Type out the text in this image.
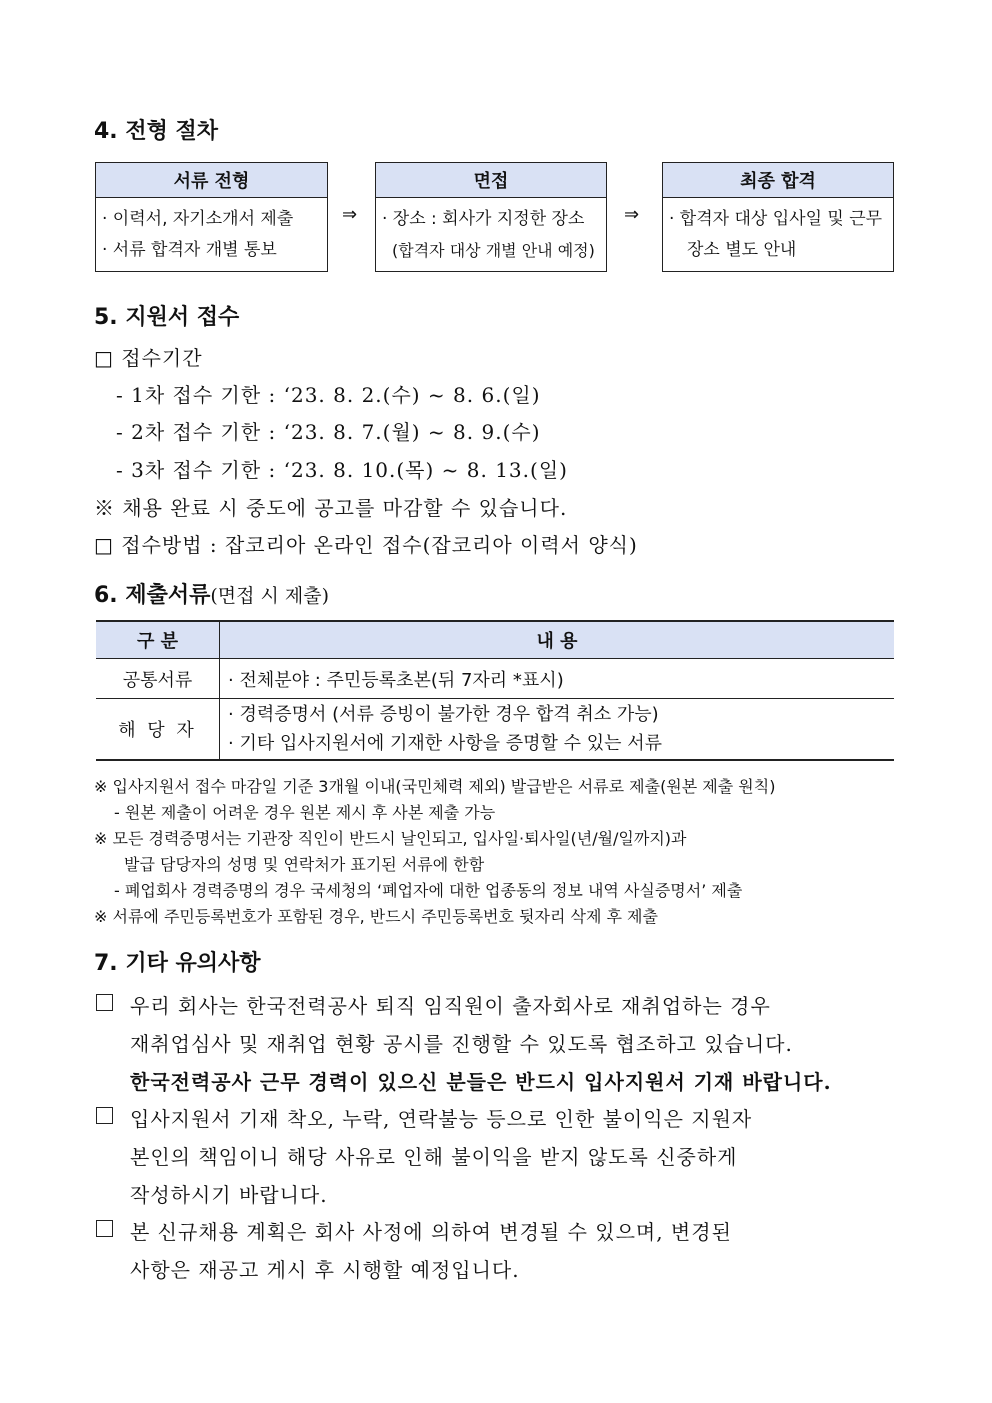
4. 전형 절차
서류 전형
· 이력서, 자기소개서 제출
· 서류 합격자 개별 통보
⇒
면접
· 장소 : 회사가 지정한 장소
(합격자 대상 개별 안내 예정)
⇒
최종 합격
· 합격자 대상 입사일 및 근무
장소 별도 안내
5. 지원서 접수
□ 접수기간
- 1차 접수 기한 : ‘23. 8. 2.(수) ~ 8. 6.(일)
- 2차 접수 기한 : ‘23. 8. 7.(월) ~ 8. 9.(수)
- 3차 접수 기한 : ‘23. 8. 10.(목) ~ 8. 13.(일)
※ 채용 완료 시 중도에 공고를 마감할 수 있습니다.
□ 접수방법 : 잡코리아 온라인 접수(잡코리아 이력서 양식)
6. 제출서류(면접 시 제출)
구 분	내 용
공통서류	· 전체분야 : 주민등록초본(뒤 7자리 *표시)
해 당 자	· 경력증명서 (서류 증빙이 불가한 경우 합격 취소 가능)
· 기타 입사지원서에 기재한 사항을 증명할 수 있는 서류
※ 입사지원서 접수 마감일 기준 3개월 이내(국민체력 제외) 발급받은 서류로 제출(원본 제출 원칙)
- 원본 제출이 어려운 경우 원본 제시 후 사본 제출 가능
※ 모든 경력증명서는 기관장 직인이 반드시 날인되고, 입사일·퇴사일(년/월/일까지)과
발급 담당자의 성명 및 연락처가 표기된 서류에 한함
- 폐업회사 경력증명의 경우 국세청의 ‘폐업자에 대한 업종동의 정보 내역 사실증명서’ 제출
※ 서류에 주민등록번호가 포함된 경우, 반드시 주민등록번호 뒷자리 삭제 후 제출
7. 기타 유의사항
우리 회사는 한국전력공사 퇴직 임직원이 출자회사로 재취업하는 경우
재취업심사 및 재취업 현황 공시를 진행할 수 있도록 협조하고 있습니다.
한국전력공사 근무 경력이 있으신 분들은 반드시 입사지원서 기재 바랍니다.
입사지원서 기재 착오, 누락, 연락불능 등으로 인한 불이익은 지원자
본인의 책임이니 해당 사유로 인해 불이익을 받지 않도록 신중하게
작성하시기 바랍니다.
본 신규채용 계획은 회사 사정에 의하여 변경될 수 있으며, 변경된
사항은 재공고 게시 후 시행할 예정입니다.
